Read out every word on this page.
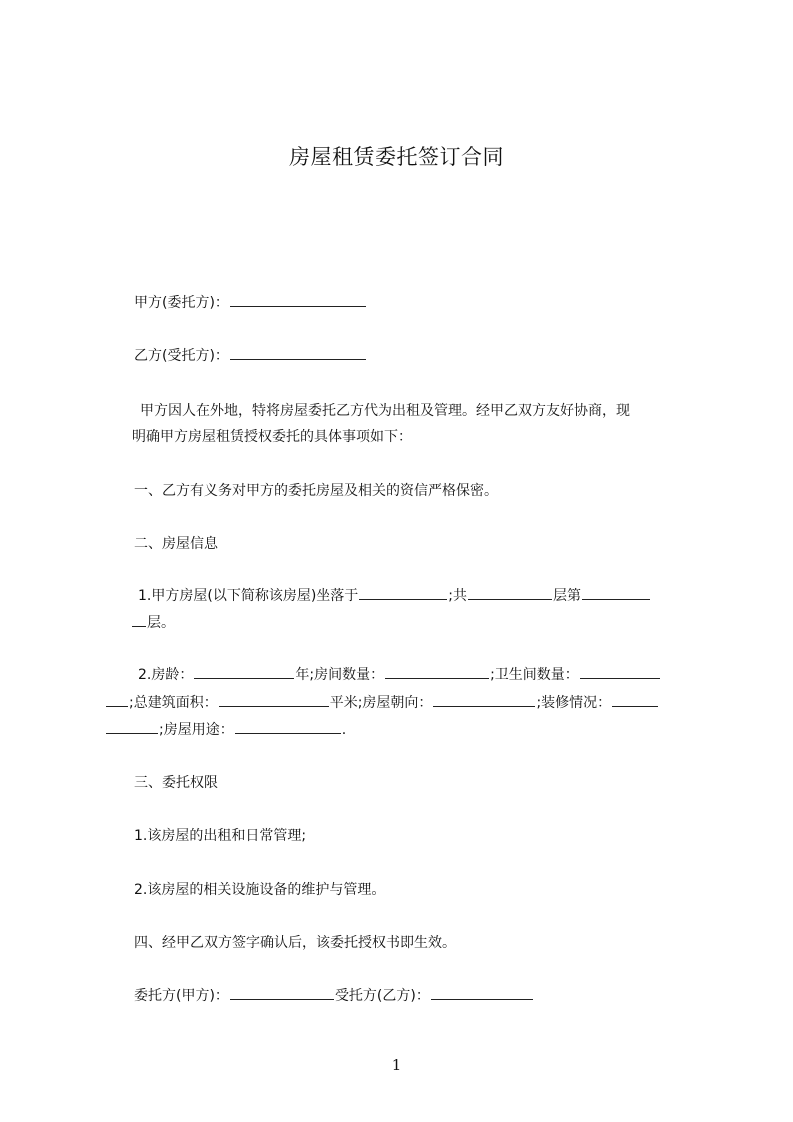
房屋租赁委托签订合同
甲方(委托方)：
乙方(受托方)：
甲方因人在外地，特将房屋委托乙方代为出租及管理。经甲乙双方友好协商，现
明确甲方房屋租赁授权委托的具体事项如下：
一、乙方有义务对甲方的委托房屋及相关的资信严格保密。
二、房屋信息
1.甲方房屋(以下简称该房屋)坐落于	;共	层第
层。
2.房龄：	年;房间数量：	;卫生间数量：
;总建筑面积：	平米;房屋朝向：	;装修情况：
;房屋用途：	.
三、委托权限
1.该房屋的出租和日常管理;
2.该房屋的相关设施设备的维护与管理。
四、经甲乙双方签字确认后，该委托授权书即生效。
委托方(甲方)：	受托方(乙方)：
1
